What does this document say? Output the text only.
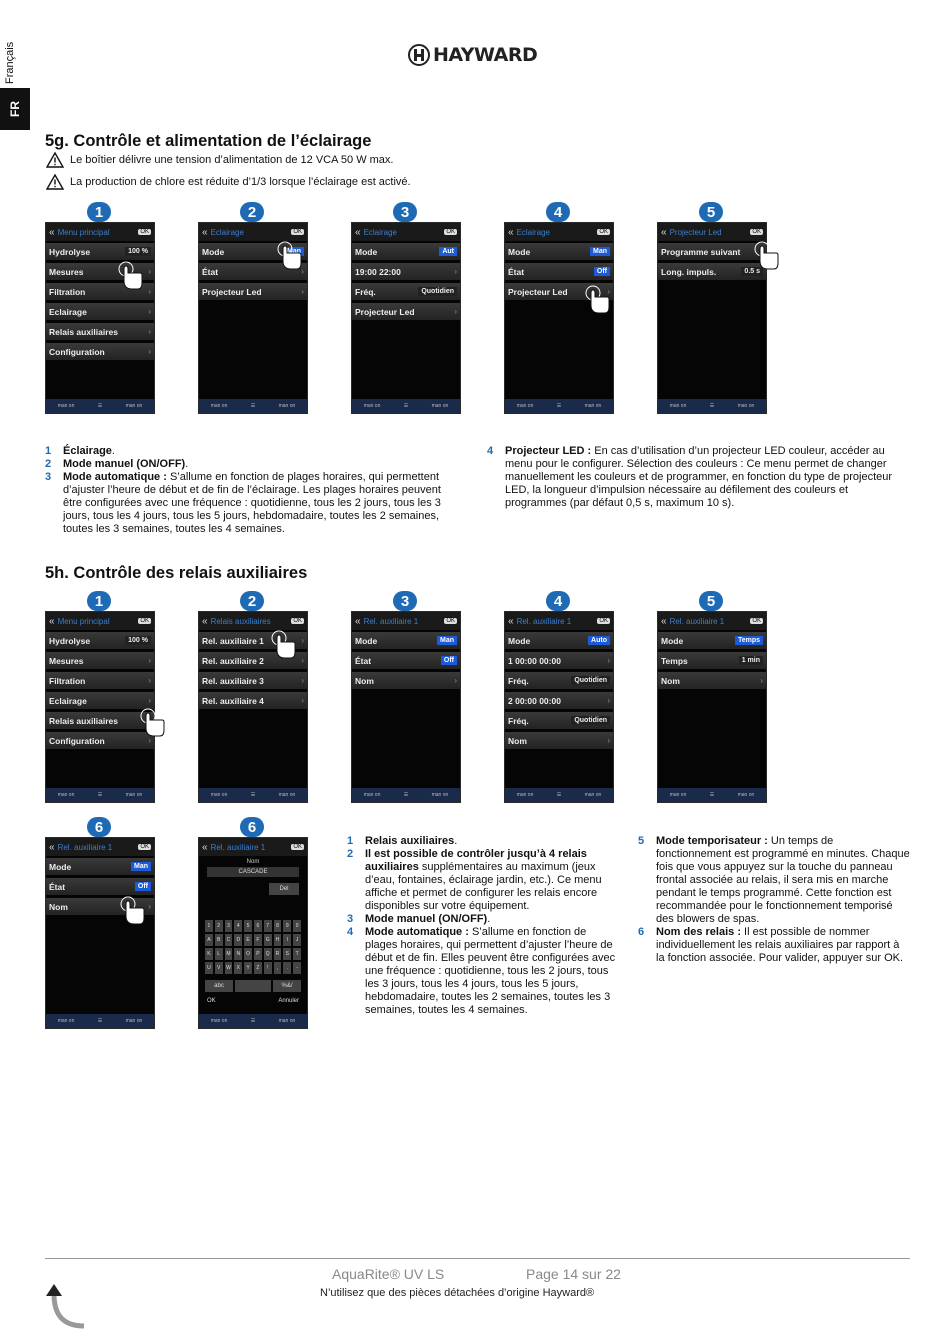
Français
FR
HAYWARD
5g. Contrôle et alimentation de l’éclairage
Le boîtier délivre une tension d’alimentation de 12 VCA 50 W max.
La production de chlore est réduite d’1/3 lorsque l’éclairage est activé.
1
« Menu principal	OK
Hydrolyse	100 %
Mesures	›
Filtration	›
Eclairage	›
Relais auxiliaires	›
Configuration	›
man on	☰	man on
2
« Eclairage	OK
Mode	Man
État	›
Projecteur Led	›
man on	☰	man on
3
« Eclairage	OK
Mode	Aut
19:00 22:00	›
Fréq.	Quotidien
Projecteur Led	›
man on	☰	man on
4
« Eclairage	OK
Mode	Man
État	Off
Projecteur Led	›
man on	☰	man on
5
« Projecteur Led	OK
Programme suivant
Long. impuls.	0.5 s
man on	☰	man on
1	Éclairage.
2	Mode manuel (ON/OFF).
3	Mode automatique : S’allume en fonction de plages horaires, qui permettent d’ajuster l’heure de début et de fin de l’éclairage. Les plages horaires peuvent être configurées avec une fréquence : quotidienne, tous les 2 jours, tous les 3 jours, tous les 4 jours, tous les 5 jours, hebdomadaire, toutes les 2 semaines, toutes les 3 semaines, toutes les 4 semaines.
4	Projecteur LED : En cas d’utilisation d’un projecteur LED couleur, accéder au menu pour le configurer. Sélection des couleurs : Ce menu permet de changer manuellement les couleurs et de programmer, en fonction du type de projecteur LED, la longueur d’impulsion nécessaire au défilement des couleurs et programmes (par défaut 0,5 s, maximum 10 s).
5h. Contrôle des relais auxiliaires
1
« Menu principal	OK
Hydrolyse	100 %
Mesures	›
Filtration	›
Eclairage	›
Relais auxiliaires
Configuration	›
man on	☰	man on
2
« Relais auxiliaires	OK
Rel. auxiliaire 1	›
Rel. auxiliaire 2	›
Rel. auxiliaire 3	›
Rel. auxiliaire 4	›
man on	☰	man on
3
« Rel. auxiliaire 1	OK
Mode	Man
État	Off
Nom	›
man on	☰	man on
4
« Rel. auxiliaire 1	OK
Mode	Auto
1 00:00 00:00	›
Fréq.	Quotidien
2 00:00 00:00	›
Fréq.	Quotidien
Nom	›
man on	☰	man on
5
« Rel. auxiliaire 1	OK
Mode	Temps
Temps	1 min
Nom	›
man on	☰	man on
6
« Rel. auxiliaire 1	OK
Mode	Man
État	Off
Nom	›
man on	☰	man on
6
« Rel. auxiliaire 1	OK
Nom
CASCADE
Del
1	2	3	4	5	6	7	8	9	0
A	B	C	D	E	F	G	H	I	J
K	L	M	N	O	P	Q	R	S	T
U	V	W	X	Y	Z	!	,	.	-
abc	%&/
OK	Annuler
man on	☰	man on
1	Relais auxiliaires.
2	Il est possible de contrôler jusqu’à 4 relais auxiliaires supplémentaires au maximum (jeux d’eau, fontaines, éclairage jardin, etc.). Ce menu affiche et permet de configurer les relais encore disponibles sur votre équipement.
3	Mode manuel (ON/OFF).
4	Mode automatique : S’allume en fonction de plages horaires, qui permettent d’ajuster l’heure de début et de fin. Elles peuvent être configurées avec une fréquence : quotidienne, tous les 2 jours, tous les 3 jours, tous les 4 jours, tous les 5 jours, hebdomadaire, toutes les 2 semaines, toutes les 3 semaines, toutes les 4 semaines.
5	Mode temporisateur : Un temps de fonctionnement est programmé en minutes. Chaque fois que vous appuyez sur la touche du panneau frontal associée au relais, il sera mis en marche pendant le temps programmé. Cette fonction est recommandée pour le fonctionnement temporisé des blowers de spas.
6	Nom des relais : Il est possible de nommer individuellement les relais auxiliaires par rapport à la fonction associée. Pour valider, appuyer sur OK.
AquaRite® UV LS	Page 14 sur 22
N’utilisez que des pièces détachées d’origine Hayward®
